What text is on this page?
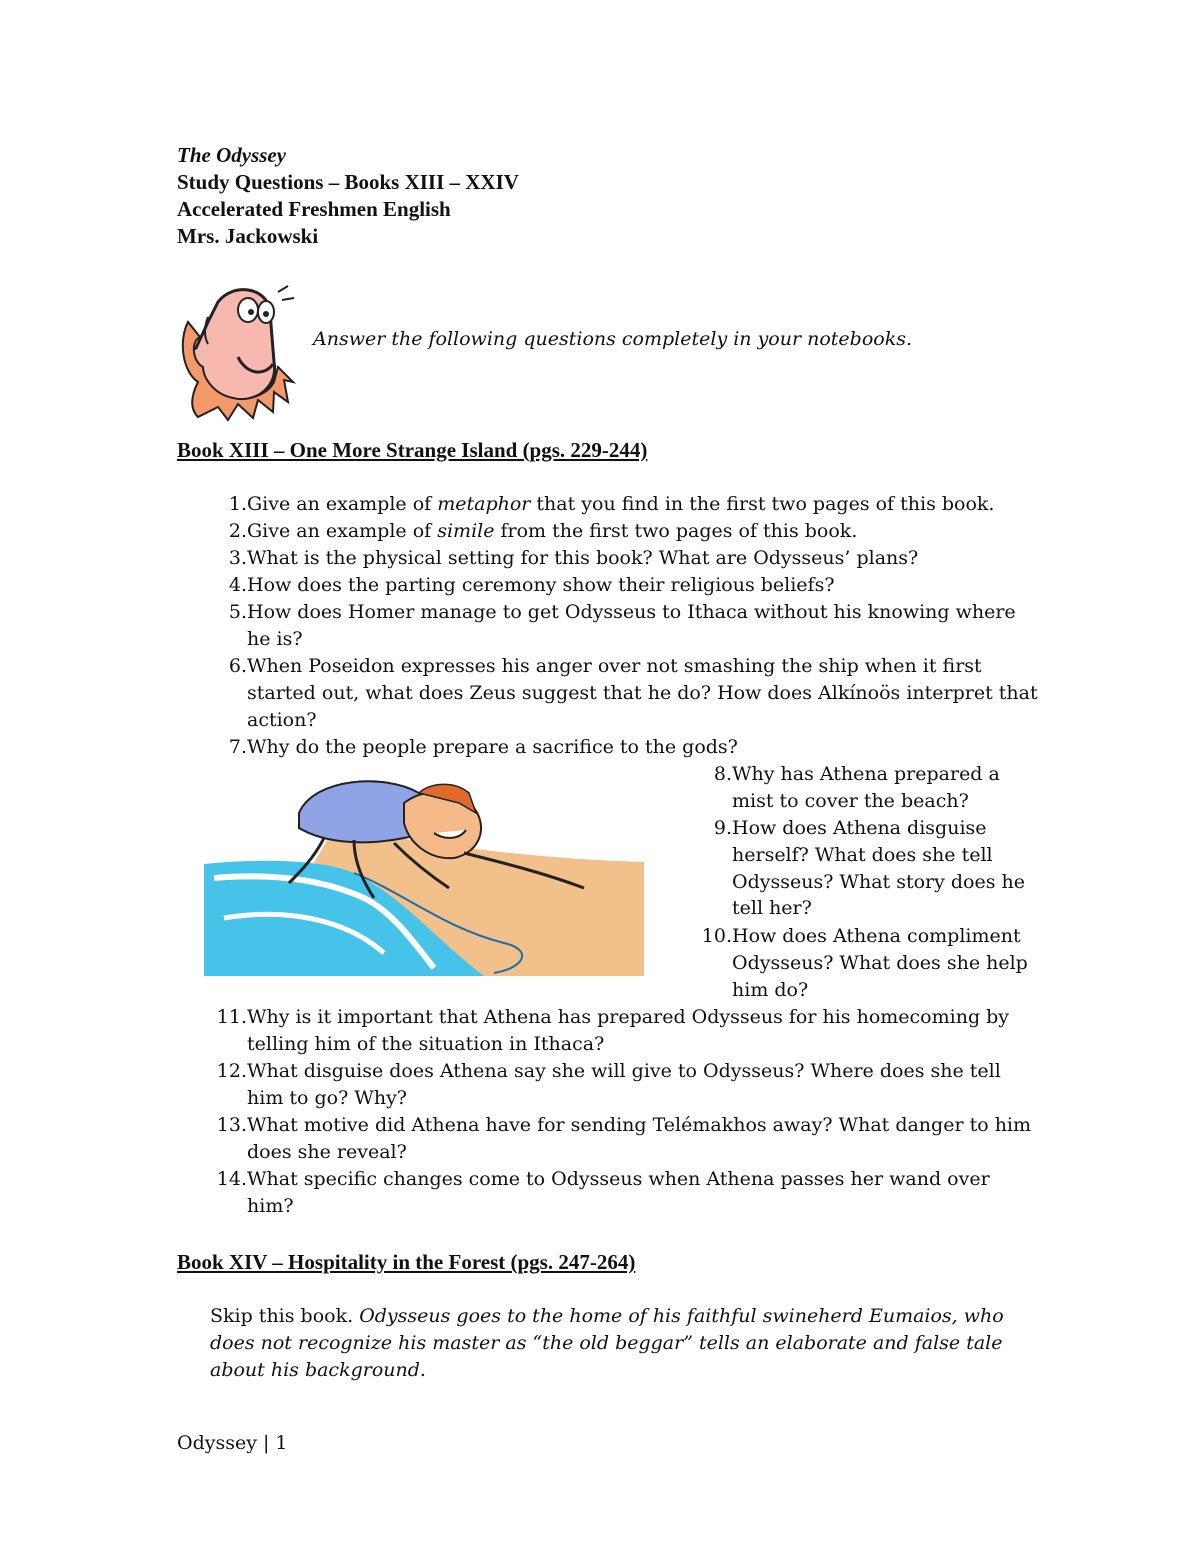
The Odyssey
Study Questions – Books XIII – XXIV
Accelerated Freshmen English
Mrs. Jackowski
Answer the following questions completely in your notebooks.
Book XIII – One More Strange Island (pgs. 229-244)
1. Give an example of metaphor that you find in the first two pages of this book.
2. Give an example of simile from the first two pages of this book.
3. What is the physical setting for this book? What are Odysseus’ plans?
4. How does the parting ceremony show their religious beliefs?
5. How does Homer manage to get Odysseus to Ithaca without his knowing where
he is?
6. When Poseidon expresses his anger over not smashing the ship when it first
started out, what does Zeus suggest that he do? How does Alkínoös interpret that
action?
7. Why do the people prepare a sacrifice to the gods?
8. Why has Athena prepared a
mist to cover the beach?
9. How does Athena disguise
herself? What does she tell
Odysseus? What story does he
tell her?
10. How does Athena compliment
Odysseus? What does she help
him do?
11. Why is it important that Athena has prepared Odysseus for his homecoming by
telling him of the situation in Ithaca?
12. What disguise does Athena say she will give to Odysseus? Where does she tell
him to go? Why?
13. What motive did Athena have for sending Telémakhos away? What danger to him
does she reveal?
14. What specific changes come to Odysseus when Athena passes her wand over
him?
Book XIV – Hospitality in the Forest (pgs. 247-264)
Skip this book. Odysseus goes to the home of his faithful swineherd Eumaios, who
does not recognize his master as “the old beggar” tells an elaborate and false tale
about his background.
Odyssey | 1
